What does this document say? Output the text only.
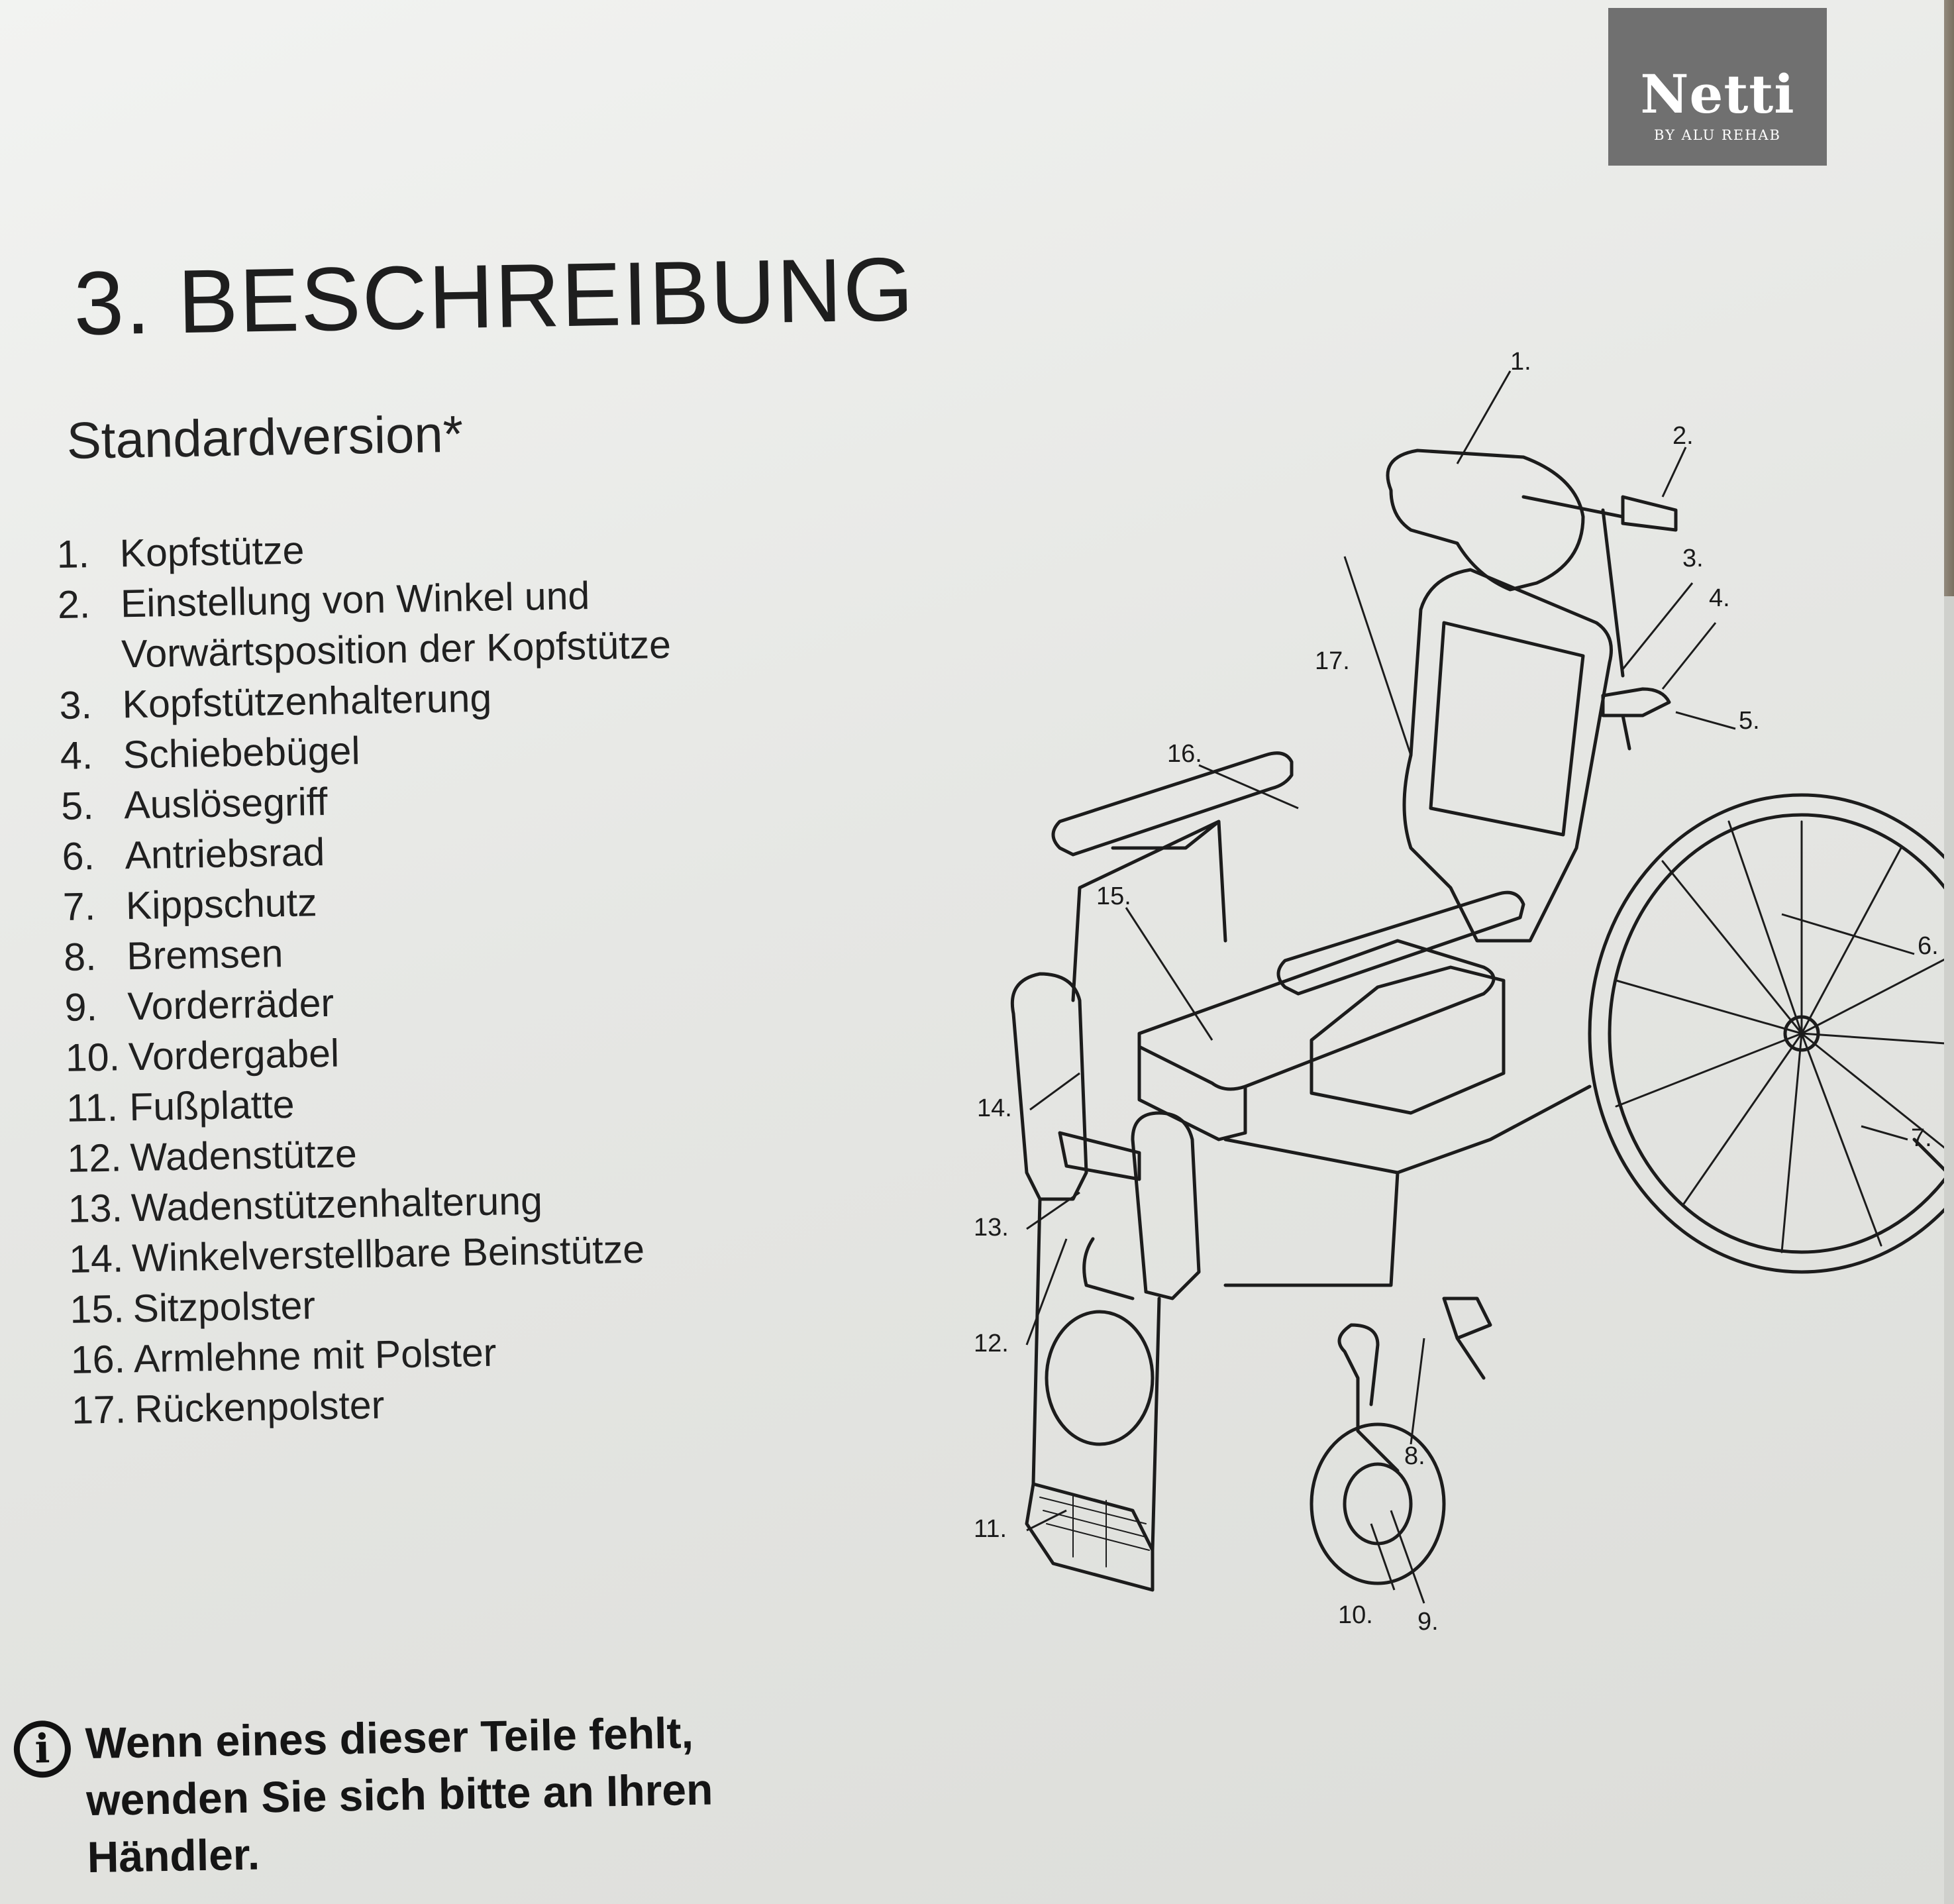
Netti
BY ALU REHAB
3. BESCHREIBUNG
Standardversion*
1. Kopfstütze
2. Einstellung von Winkel und Vorwärtsposition der Kopfstütze
3. Kopfstützenhalterung
4. Schiebebügel
5. Auslösegriff
6. Antriebsrad
7. Kippschutz
8. Bremsen
9. Vorderräder
10. Vordergabel
11. Fußplatte
12. Wadenstütze
13. Wadenstützenhalterung
14. Winkelverstellbare Beinstütze
15. Sitzpolster
16. Armlehne mit Polster
17. Rückenpolster
1.
2.
3.
4.
5.
6.
7.
8.
9.
10.
11.
12.
13.
14.
15.
16.
17.
i Wenn eines dieser Teile fehlt, wenden Sie sich bitte an Ihren Händler.
